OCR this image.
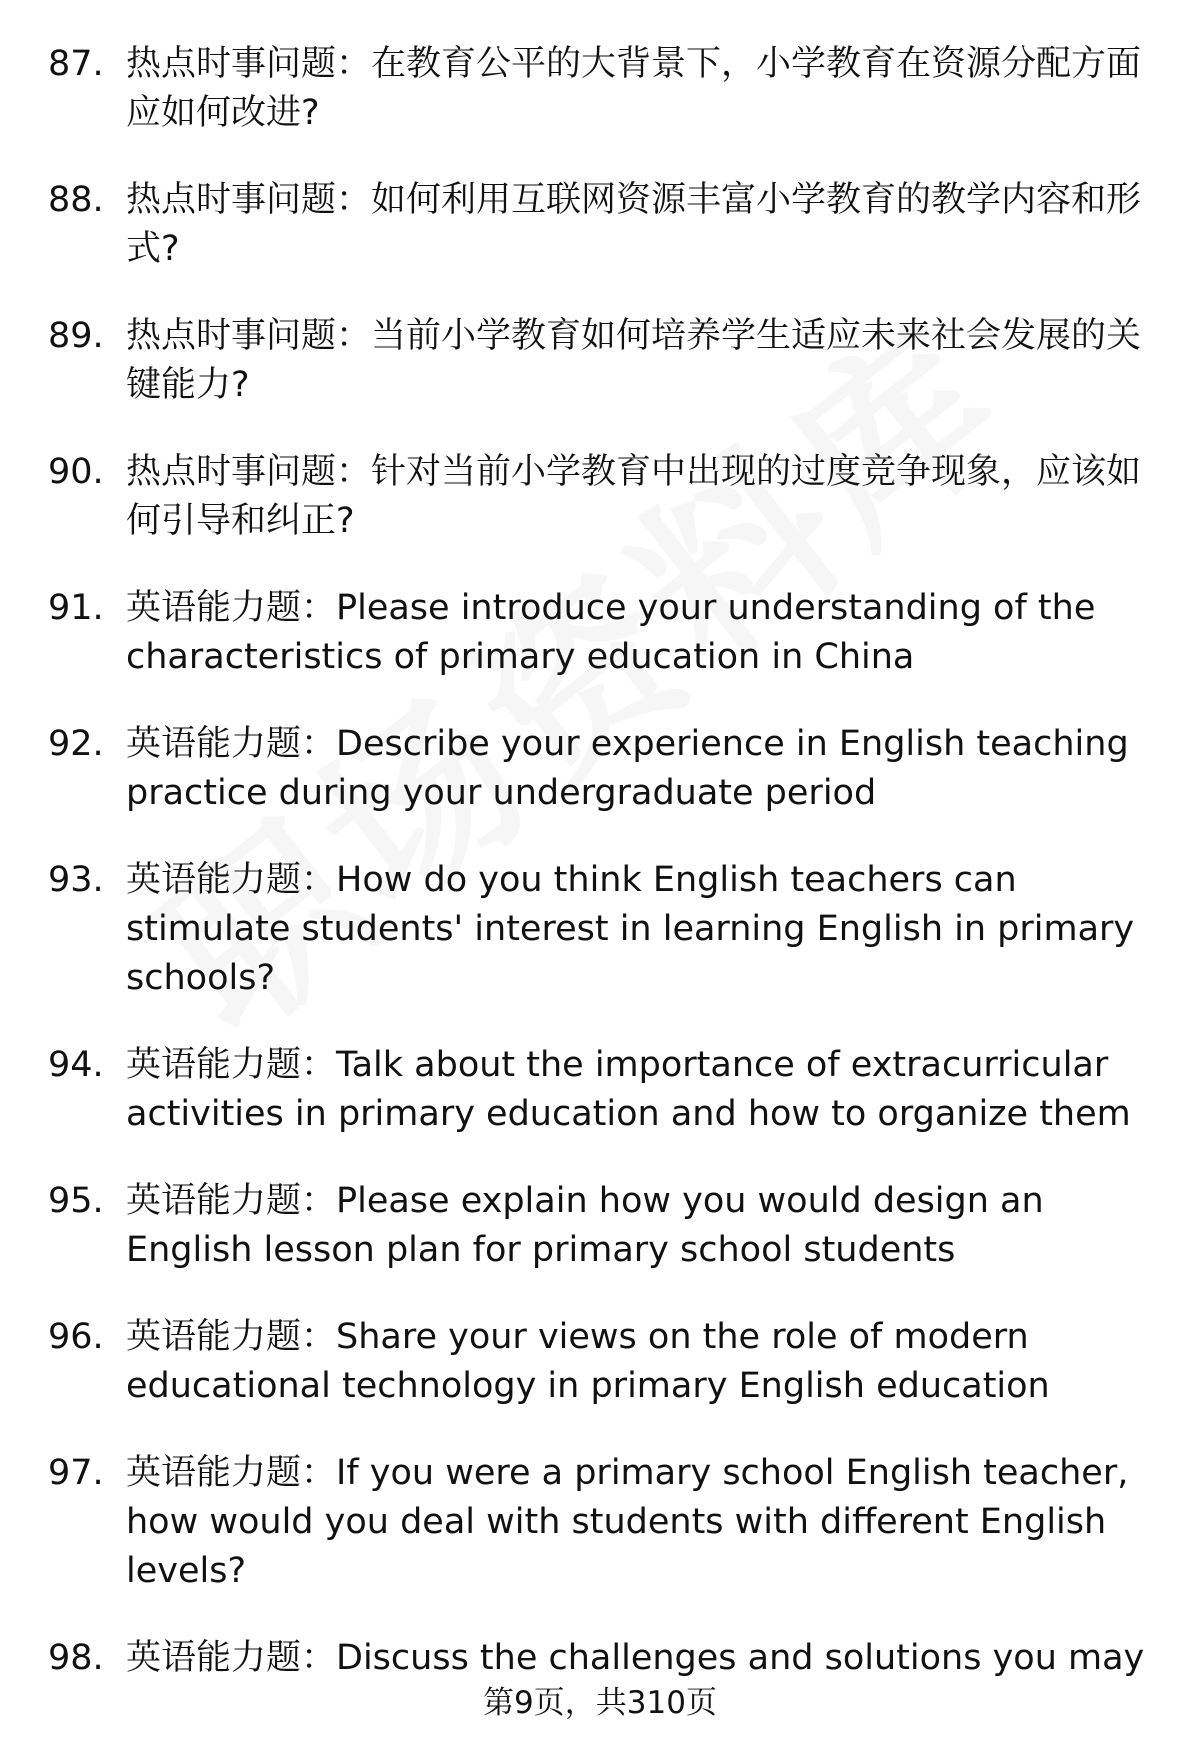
87. 热点时事问题：在教育公平的大背景下，小学教育在资源分配方面应如何改进?
88. 热点时事问题：如何利用互联网资源丰富小学教育的教学内容和形式?
89. 热点时事问题：当前小学教育如何培养学生适应未来社会发展的关键能力?
90. 热点时事问题：针对当前小学教育中出现的过度竞争现象，应该如何引导和纠正?
91. 英语能力题：Please introduce your understanding of the characteristics of primary education in China
92. 英语能力题：Describe your experience in English teaching practice during your undergraduate period
93. 英语能力题：How do you think English teachers can stimulate students' interest in learning English in primary schools?
94. 英语能力题：Talk about the importance of extracurricular activities in primary education and how to organize them
95. 英语能力题：Please explain how you would design an English lesson plan for primary school students
96. 英语能力题：Share your views on the role of modern educational technology in primary English education
97. 英语能力题：If you were a primary school English teacher, how would you deal with students with different English levels?
98. 英语能力题：Discuss the challenges and solutions you may
第9页，共310页
